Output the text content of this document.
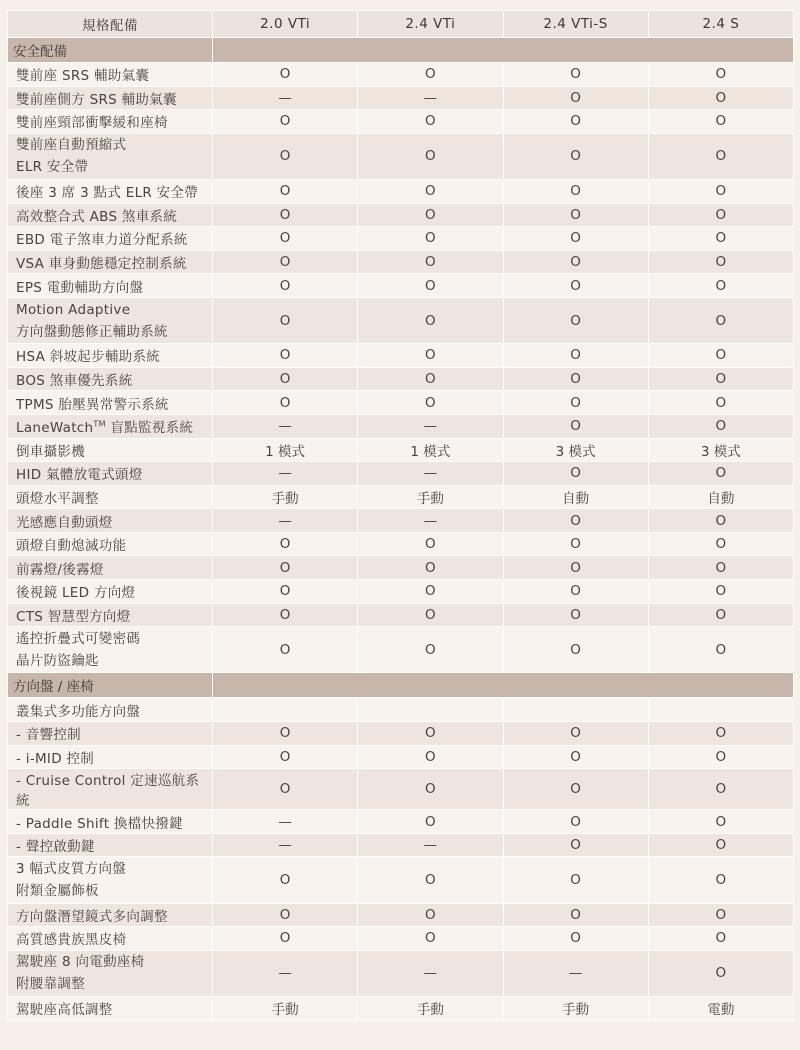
規格配備	2.0 VTi	2.4 VTi	2.4 VTi-S	2.4 S
安全配備				
雙前座 SRS 輔助氣囊	O	O	O	O
雙前座側方 SRS 輔助氣囊	—	—	O	O
雙前座頸部衝擊緩和座椅	O	O	O	O
雙前座自動預縮式
ELR 安全帶	O	O	O	O
後座 3 席 3 點式 ELR 安全帶	O	O	O	O
高效整合式 ABS 煞車系統	O	O	O	O
EBD 電子煞車力道分配系統	O	O	O	O
VSA 車身動態穩定控制系統	O	O	O	O
EPS 電動輔助方向盤	O	O	O	O
Motion Adaptive
方向盤動態修正輔助系統	O	O	O	O
HSA 斜坡起步輔助系統	O	O	O	O
BOS 煞車優先系統	O	O	O	O
TPMS 胎壓異常警示系統	O	O	O	O
LaneWatch™ 盲點監視系統	—	—	O	O
倒車攝影機	1 模式	1 模式	3 模式	3 模式
HID 氣體放電式頭燈	—	—	O	O
頭燈水平調整	手動	手動	自動	自動
光感應自動頭燈	—	—	O	O
頭燈自動熄滅功能	O	O	O	O
前霧燈/後霧燈	O	O	O	O
後視鏡 LED 方向燈	O	O	O	O
CTS 智慧型方向燈	O	O	O	O
遙控折疊式可變密碼
晶片防盜鑰匙	O	O	O	O
方向盤 / 座椅				
叢集式多功能方向盤				
- 音響控制	O	O	O	O
- i-MID 控制	O	O	O	O
- Cruise Control 定速巡航系統	O	O	O	O
- Paddle Shift 換檔快撥鍵	—	O	O	O
- 聲控啟動鍵	—	—	O	O
3 幅式皮質方向盤
附類金屬飾板	O	O	O	O
方向盤潛望鏡式多向調整	O	O	O	O
高質感貴族黑皮椅	O	O	O	O
駕駛座 8 向電動座椅
附腰靠調整	—	—	—	O
駕駛座高低調整	手動	手動	手動	電動
